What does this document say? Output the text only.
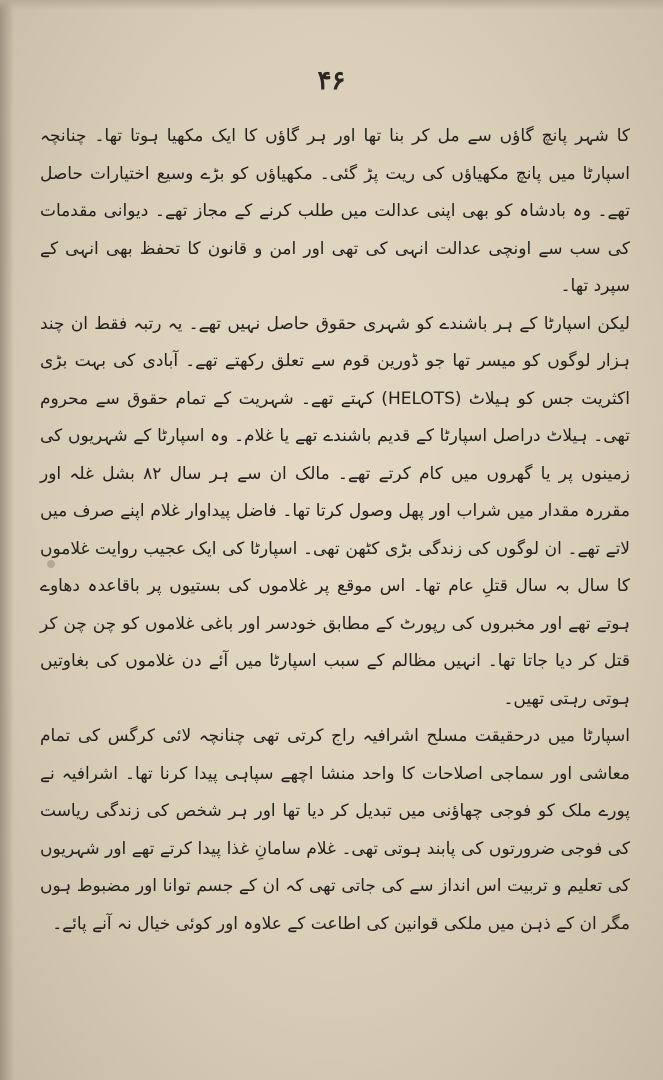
۴۶

کا شہر پانچ گاؤں سے مل کر بنا تھا اور ہر گاؤں کا ایک مکھیا ہوتا تھا۔ چنانچہ اسپارٹا میں پانچ مکھیاؤں کی ریت پڑ گئی۔ مکھیاؤں کو بڑے وسیع اختیارات حاصل تھے۔ وہ بادشاہ کو بھی اپنی عدالت میں طلب کرنے کے مجاز تھے۔ دیوانی مقدمات کی سب سے اونچی عدالت انہی کی تھی اور امن و قانون کا تحفظ بھی انہی کے سپرد تھا۔

لیکن اسپارٹا کے ہر باشندے کو شہری حقوق حاصل نہیں تھے۔ یہ رتبہ فقط ان چند ہزار لوگوں کو میسر تھا جو ڈورین قوم سے تعلق رکھتے تھے۔ آبادی کی بہت بڑی اکثریت جس کو ہیلاٹ (HELOTS) کہتے تھے۔ شہریت کے تمام حقوق سے محروم تھی۔ ہیلاٹ دراصل اسپارٹا کے قدیم باشندے تھے یا غلام۔ وہ اسپارٹا کے شہریوں کی زمینوں پر یا گھروں میں کام کرتے تھے۔ مالک ان سے ہر سال ۸۲ بشل غلہ اور مقررہ مقدار میں شراب اور پھل وصول کرتا تھا۔ فاضل پیداوار غلام اپنے صرف میں لاتے تھے۔ ان لوگوں کی زندگی بڑی کٹھن تھی۔ اسپارٹا کی ایک عجیب روایت غلاموں کا سال بہ سال قتلِ عام تھا۔ اس موقع پر غلاموں کی بستیوں پر باقاعدہ دھاوے ہوتے تھے اور مخبروں کی رپورٹ کے مطابق خودسر اور باغی غلاموں کو چن چن کر قتل کر دیا جاتا تھا۔ انہیں مظالم کے سبب اسپارٹا میں آئے دن غلاموں کی بغاوتیں ہوتی رہتی تھیں۔

اسپارٹا میں درحقیقت مسلح اشرافیہ راج کرتی تھی چنانچہ لائی کرگس کی تمام معاشی اور سماجی اصلاحات کا واحد منشا اچھے سپاہی پیدا کرنا تھا۔ اشرافیہ نے پورے ملک کو فوجی چھاؤنی میں تبدیل کر دیا تھا اور ہر شخص کی زندگی ریاست کی فوجی ضرورتوں کی پابند ہوتی تھی۔ غلام سامانِ غذا پیدا کرتے تھے اور شہریوں کی تعلیم و تربیت اس انداز سے کی جاتی تھی کہ ان کے جسم توانا اور مضبوط ہوں مگر ان کے ذہن میں ملکی قوانین کی اطاعت کے علاوہ اور کوئی خیال نہ آنے پائے۔
